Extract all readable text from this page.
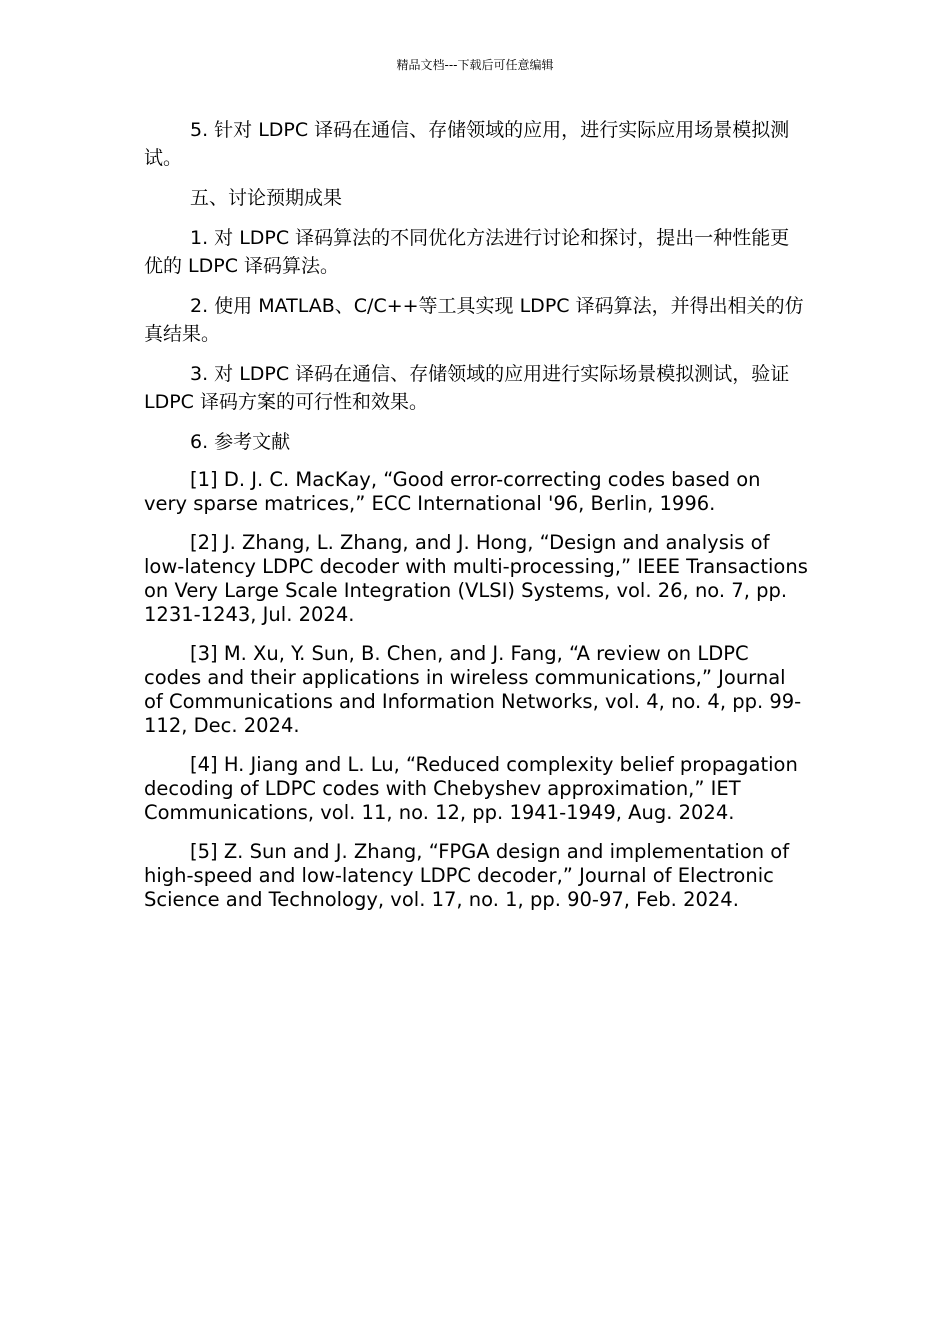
精品文档---下载后可任意编辑

5. 针对 LDPC 译码在通信、存储领域的应用，进行实际应用场景模拟测试。

五、讨论预期成果

1. 对 LDPC 译码算法的不同优化方法进行讨论和探讨，提出一种性能更优的 LDPC 译码算法。

2. 使用 MATLAB、C/C++等工具实现 LDPC 译码算法，并得出相关的仿真结果。

3. 对 LDPC 译码在通信、存储领域的应用进行实际场景模拟测试，验证 LDPC 译码方案的可行性和效果。

6. 参考文献

[1] D. J. C. MacKay, “Good error-correcting codes based on very sparse matrices,” ECC International '96, Berlin, 1996.

[2] J. Zhang, L. Zhang, and J. Hong, “Design and analysis of low-latency LDPC decoder with multi-processing,” IEEE Transactions on Very Large Scale Integration (VLSI) Systems, vol. 26, no. 7, pp. 1231-1243, Jul. 2024.

[3] M. Xu, Y. Sun, B. Chen, and J. Fang, “A review on LDPC codes and their applications in wireless communications,” Journal of Communications and Information Networks, vol. 4, no. 4, pp. 99-112, Dec. 2024.

[4] H. Jiang and L. Lu, “Reduced complexity belief propagation decoding of LDPC codes with Chebyshev approximation,” IET Communications, vol. 11, no. 12, pp. 1941-1949, Aug. 2024.

[5] Z. Sun and J. Zhang, “FPGA design and implementation of high-speed and low-latency LDPC decoder,” Journal of Electronic Science and Technology, vol. 17, no. 1, pp. 90-97, Feb. 2024.
